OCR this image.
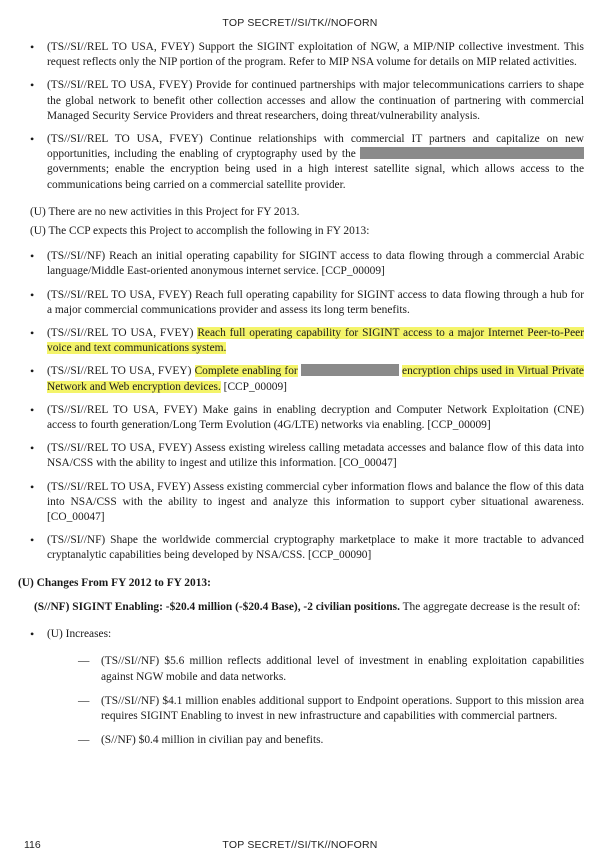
TOP SECRET//SI/TK//NOFORN
• (TS//SI//REL TO USA, FVEY) Support the SIGINT exploitation of NGW, a MIP/NIP collective investment. This request reflects only the NIP portion of the program. Refer to MIP NSA volume for details on MIP related activities.
• (TS//SI//REL TO USA, FVEY) Provide for continued partnerships with major telecommunications carriers to shape the global network to benefit other collection accesses and allow the continuation of partnering with commercial Managed Security Service Providers and threat researchers, doing threat/vulnerability analysis.
• (TS//SI//REL TO USA, FVEY) Continue relationships with commercial IT partners and capitalize on new opportunities, including the enabling of cryptography used by the  governments; enable the encryption being used in a high interest satellite signal, which allows access to the communications being carried on a commercial satellite provider.

(U) There are no new activities in this Project for FY 2013.

(U) The CCP expects this Project to accomplish the following in FY 2013:

• (TS//SI//NF) Reach an initial operating capability for SIGINT access to data flowing through a commercial Arabic language/Middle East-oriented anonymous internet service. [CCP_00009]
• (TS//SI//REL TO USA, FVEY) Reach full operating capability for SIGINT access to data flowing through a hub for a major commercial communications provider and assess its long term benefits.
• (TS//SI//REL TO USA, FVEY) Reach full operating capability for SIGINT access to a major Internet Peer-to-Peer voice and text communications system.
• (TS//SI//REL TO USA, FVEY) Complete enabling for	encryption chips used in Virtual Private Network and Web encryption devices. [CCP_00009]
• (TS//SI//REL TO USA, FVEY) Make gains in enabling decryption and Computer Network Exploitation (CNE) access to fourth generation/Long Term Evolution (4G/LTE) networks via enabling. [CCP_00009]
• (TS//SI//REL TO USA, FVEY) Assess existing wireless calling metadata accesses and balance flow of this data into NSA/CSS with the ability to ingest and utilize this information. [CO_00047]
• (TS//SI//REL TO USA, FVEY) Assess existing commercial cyber information flows and balance the flow of this data into NSA/CSS with the ability to ingest and analyze this information to support cyber situational awareness. [CO_00047]
• (TS//SI//NF) Shape the worldwide commercial cryptography marketplace to make it more tractable to advanced cryptanalytic capabilities being developed by NSA/CSS. [CCP_00090]

(U) Changes From FY 2012 to FY 2013:

(S//NF) SIGINT Enabling: -$20.4 million (-$20.4 Base), -2 civilian positions. The aggregate decrease is the result of:

• (U) Increases:
— (TS//SI//NF) $5.6 million reflects additional level of investment in enabling exploitation capabilities against NGW mobile and data networks.
— (TS//SI//NF) $4.1 million enables additional support to Endpoint operations. Support to this mission area requires SIGINT Enabling to invest in new infrastructure and capabilities with commercial partners.
— (S//NF) $0.4 million in civilian pay and benefits.
116	TOP SECRET//SI/TK//NOFORN
